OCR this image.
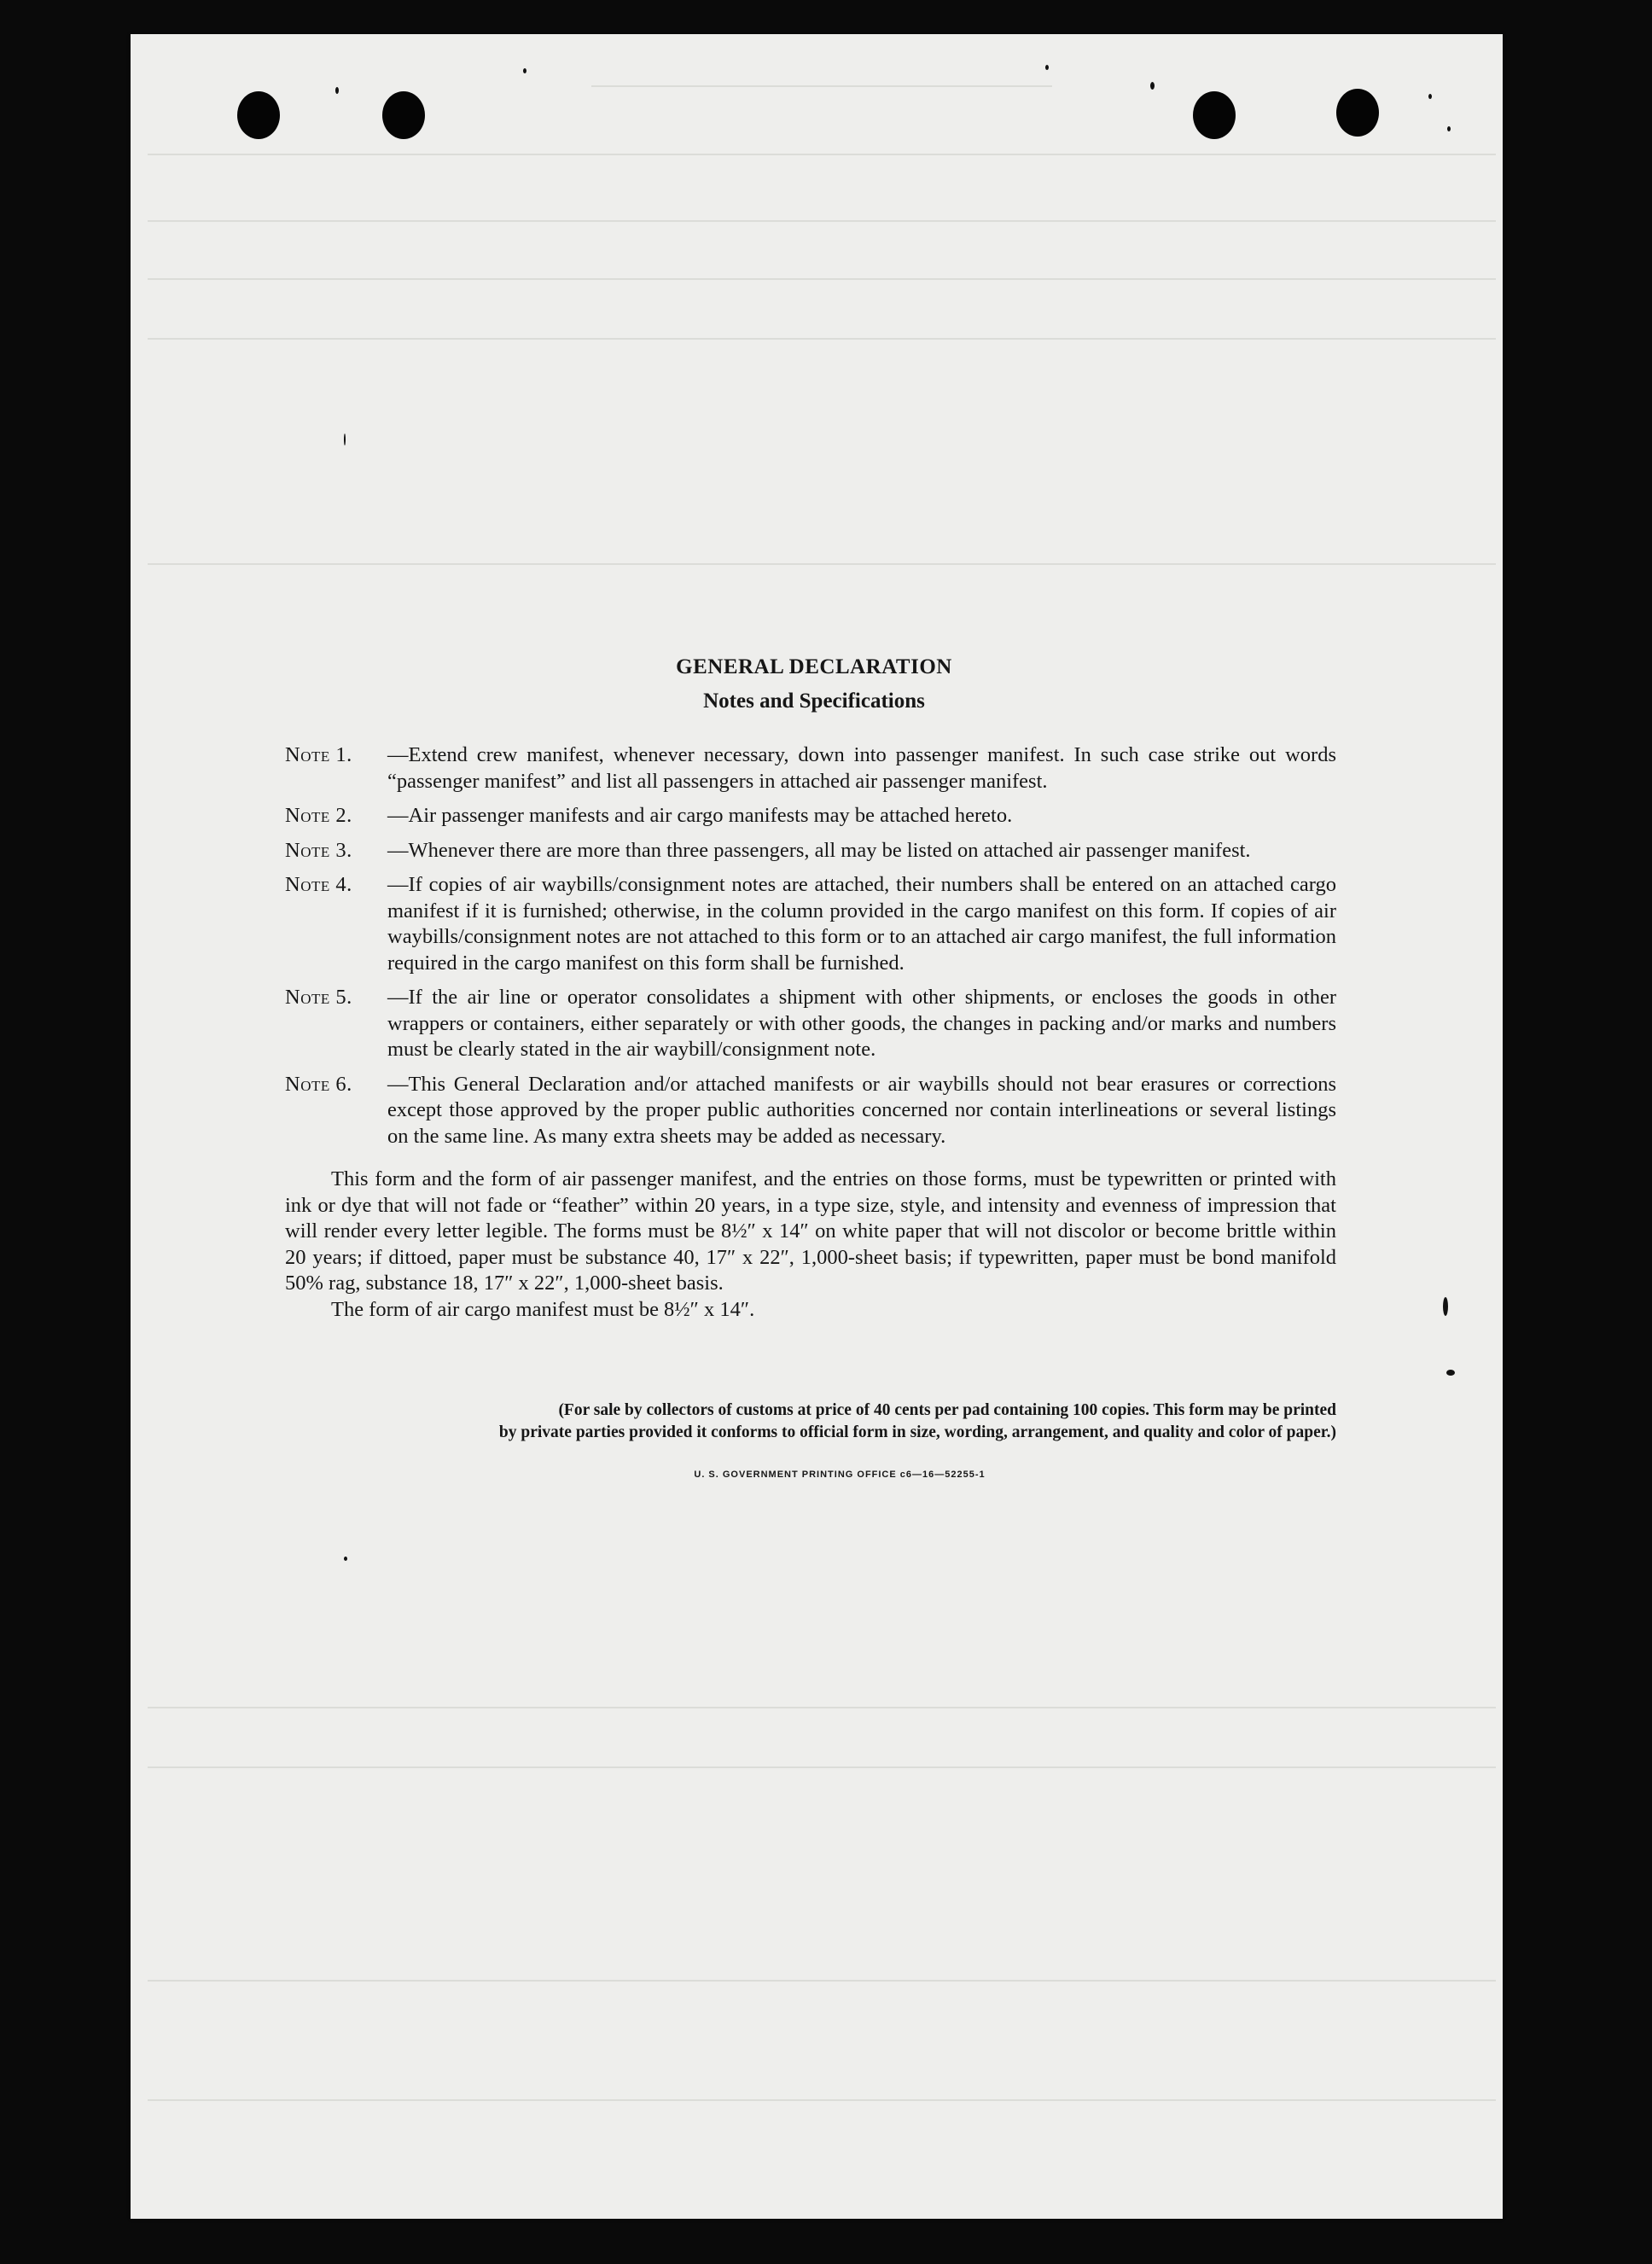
GENERAL DECLARATION
Notes and Specifications
Note 1.	—Extend crew manifest, whenever necessary, down into passenger manifest. In such case strike out words “passenger manifest” and list all passengers in attached air passenger manifest.
Note 2.	—Air passenger manifests and air cargo manifests may be attached hereto.
Note 3.	—Whenever there are more than three passengers, all may be listed on attached air passenger manifest.
Note 4.	—If copies of air waybills/consignment notes are attached, their numbers shall be entered on an attached cargo manifest if it is furnished; otherwise, in the column provided in the cargo manifest on this form. If copies of air waybills/consignment notes are not attached to this form or to an attached air cargo manifest, the full information required in the cargo manifest on this form shall be furnished.
Note 5.	—If the air line or operator consolidates a shipment with other shipments, or encloses the goods in other wrappers or containers, either separately or with other goods, the changes in packing and/or marks and numbers must be clearly stated in the air waybill/consignment note.
Note 6.	—This General Declaration and/or attached manifests or air waybills should not bear erasures or corrections except those approved by the proper public authorities concerned nor contain interlineations or several listings on the same line. As many extra sheets may be added as necessary.
This form and the form of air passenger manifest, and the entries on those forms, must be typewritten or printed with ink or dye that will not fade or “feather” within 20 years, in a type size, style, and intensity and evenness of impression that will render every letter legible. The forms must be 8½″ x 14″ on white paper that will not discolor or become brittle within 20 years; if dittoed, paper must be substance 40, 17″ x 22″, 1,000-sheet basis; if typewritten, paper must be bond manifold 50% rag, substance 18, 17″ x 22″, 1,000-sheet basis.
The form of air cargo manifest must be 8½″ x 14″.
(For sale by collectors of customs at price of 40 cents per pad containing 100 copies. This form may be printed
by private parties provided it conforms to official form in size, wording, arrangement, and quality and color of paper.)
U. S. GOVERNMENT PRINTING OFFICE c6—16—52255-1
